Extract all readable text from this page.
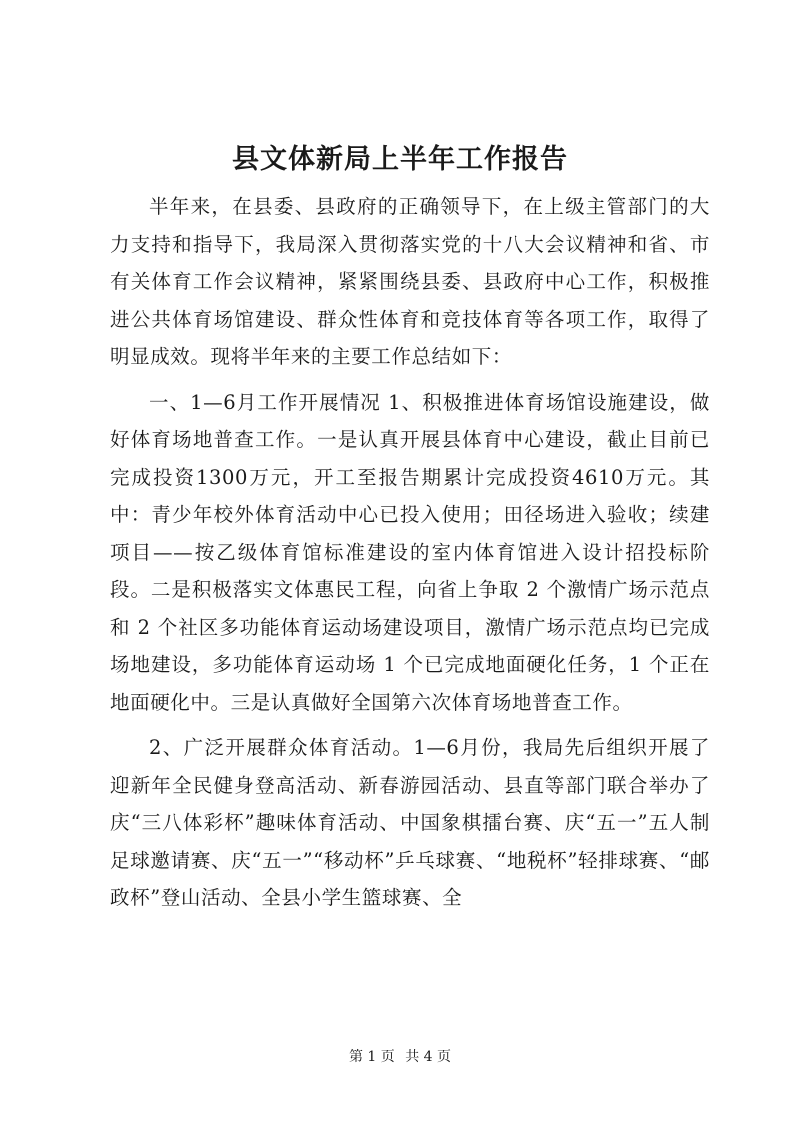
县文体新局上半年工作报告

半年来，在县委、县政府的正确领导下，在上级主管部门的大力支持和指导下，我局深入贯彻落实党的十八大会议精神和省、市有关体育工作会议精神，紧紧围绕县委、县政府中心工作，积极推进公共体育场馆建设、群众性体育和竞技体育等各项工作，取得了明显成效。现将半年来的主要工作总结如下：

一、1—6月工作开展情况 1、积极推进体育场馆设施建设，做好体育场地普查工作。一是认真开展县体育中心建设，截止目前已完成投资1300万元，开工至报告期累计完成投资4610万元。其中：青少年校外体育活动中心已投入使用；田径场进入验收；续建项目——按乙级体育馆标准建设的室内体育馆进入设计招投标阶段。二是积极落实文体惠民工程，向省上争取 2 个激情广场示范点和 2 个社区多功能体育运动场建设项目，激情广场示范点均已完成场地建设，多功能体育运动场 1 个已完成地面硬化任务，1 个正在地面硬化中。三是认真做好全国第六次体育场地普查工作。

2、广泛开展群众体育活动。1—6月份，我局先后组织开展了迎新年全民健身登高活动、新春游园活动、县直等部门联合举办了庆“三八体彩杯”趣味体育活动、中国象棋擂台赛、庆“五一”五人制足球邀请赛、庆“五一”“移动杯”乒乓球赛、“地税杯”轻排球赛、“邮政杯”登山活动、全县小学生篮球赛、全

第 1 页 共 4 页
